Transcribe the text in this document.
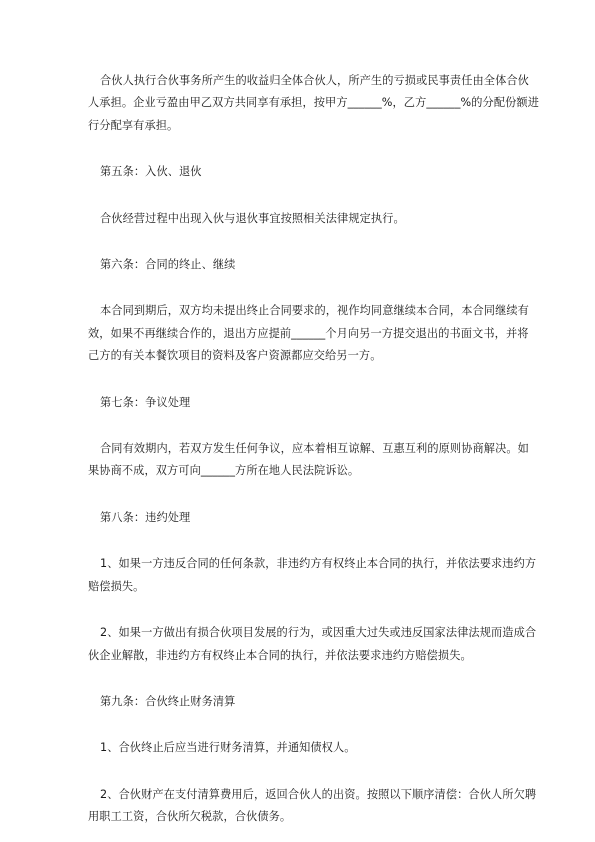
合伙人执行合伙事务所产生的收益归全体合伙人，所产生的亏损或民事责任由全体合伙人承担。企业亏盈由甲乙双方共同享有承担，按甲方______%，乙方______%的分配份额进行分配享有承担。

第五条：入伙、退伙

合伙经营过程中出现入伙与退伙事宜按照相关法律规定执行。

第六条：合同的终止、继续

本合同到期后，双方均未提出终止合同要求的，视作均同意继续本合同，本合同继续有效，如果不再继续合作的，退出方应提前______个月向另一方提交退出的书面文书，并将己方的有关本餐饮项目的资料及客户资源都应交给另一方。

第七条：争议处理

合同有效期内，若双方发生任何争议，应本着相互谅解、互惠互利的原则协商解决。如果协商不成，双方可向______方所在地人民法院诉讼。

第八条：违约处理

1、如果一方违反合同的任何条款，非违约方有权终止本合同的执行，并依法要求违约方赔偿损失。

2、如果一方做出有损合伙项目发展的行为，或因重大过失或违反国家法律法规而造成合伙企业解散，非违约方有权终止本合同的执行，并依法要求违约方赔偿损失。

第九条：合伙终止财务清算

1、合伙终止后应当进行财务清算，并通知债权人。

2、合伙财产在支付清算费用后，返回合伙人的出资。按照以下顺序清偿：合伙人所欠聘用职工工资，合伙所欠税款，合伙债务。
